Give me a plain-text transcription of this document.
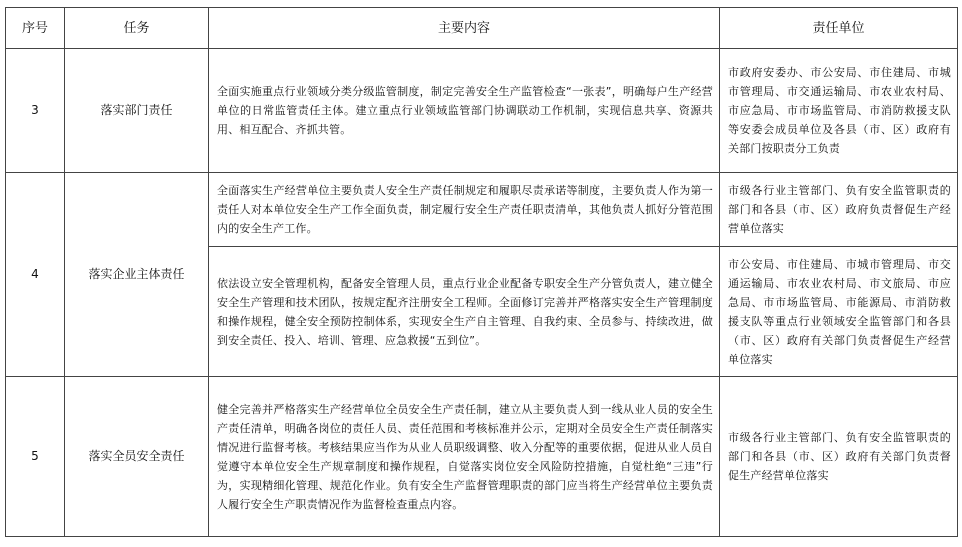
序号	任务	主要内容	责任单位
3	落实部门责任	全面实施重点行业领域分类分级监管制度，制定完善安全生产监管检查“一张表”，明确每户生产经营单位的日常监管责任主体。建立重点行业领域监管部门协调联动工作机制，实现信息共享、资源共用、相互配合、齐抓共管。	市政府安委办、市公安局、市住建局、市城市管理局、市交通运输局、市农业农村局、市应急局、市市场监管局、市消防救援支队等安委会成员单位及各县（市、区）政府有关部门按职责分工负责
4	落实企业主体责任	全面落实生产经营单位主要负责人安全生产责任制规定和履职尽责承诺等制度，主要负责人作为第一责任人对本单位安全生产工作全面负责，制定履行安全生产责任职责清单，其他负责人抓好分管范围内的安全生产工作。	市级各行业主管部门、负有安全监管职责的部门和各县（市、区）政府负责督促生产经营单位落实
		依法设立安全管理机构，配备安全管理人员，重点行业企业配备专职安全生产分管负责人，建立健全安全生产管理和技术团队，按规定配齐注册安全工程师。全面修订完善并严格落实安全生产管理制度和操作规程，健全安全预防控制体系，实现安全生产自主管理、自我约束、全员参与、持续改进，做到安全责任、投入、培训、管理、应急救援“五到位”。	市公安局、市住建局、市城市管理局、市交通运输局、市农业农村局、市文旅局、市应急局、市市场监管局、市能源局、市消防救援支队等重点行业领域安全监管部门和各县（市、区）政府有关部门负责督促生产经营单位落实
5	落实全员安全责任	健全完善并严格落实生产经营单位全员安全生产责任制，建立从主要负责人到一线从业人员的安全生产责任清单，明确各岗位的责任人员、责任范围和考核标准并公示，定期对全员安全生产责任制落实情况进行监督考核。考核结果应当作为从业人员职级调整、收入分配等的重要依据，促进从业人员自觉遵守本单位安全生产规章制度和操作规程，自觉落实岗位安全风险防控措施，自觉杜绝“三违”行为，实现精细化管理、规范化作业。负有安全生产监督管理职责的部门应当将生产经营单位主要负责人履行安全生产职责情况作为监督检查重点内容。	市级各行业主管部门、负有安全监管职责的部门和各县（市、区）政府有关部门负责督促生产经营单位落实
